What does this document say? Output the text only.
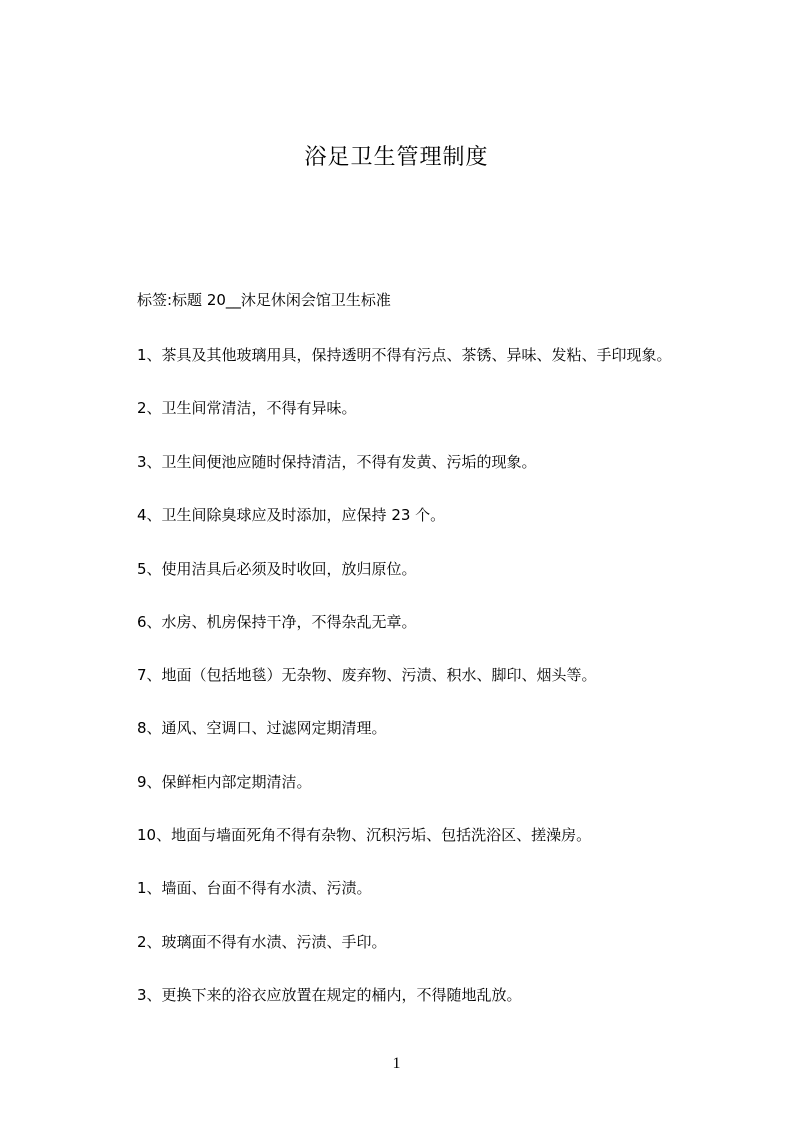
浴足卫生管理制度
标签:标题 20__沐足休闲会馆卫生标准
1、茶具及其他玻璃用具，保持透明不得有污点、茶锈、异味、发粘、手印现象。
2、卫生间常清洁，不得有异味。
3、卫生间便池应随时保持清洁，不得有发黄、污垢的现象。
4、卫生间除臭球应及时添加，应保持 23 个。
5、使用洁具后必须及时收回，放归原位。
6、水房、机房保持干净，不得杂乱无章。
7、地面（包括地毯）无杂物、废弃物、污渍、积水、脚印、烟头等。
8、通风、空调口、过滤网定期清理。
9、保鲜柜内部定期清洁。
10、地面与墙面死角不得有杂物、沉积污垢、包括洗浴区、搓澡房。
1、墙面、台面不得有水渍、污渍。
2、玻璃面不得有水渍、污渍、手印。
3、更换下来的浴衣应放置在规定的桶内，不得随地乱放。
1
